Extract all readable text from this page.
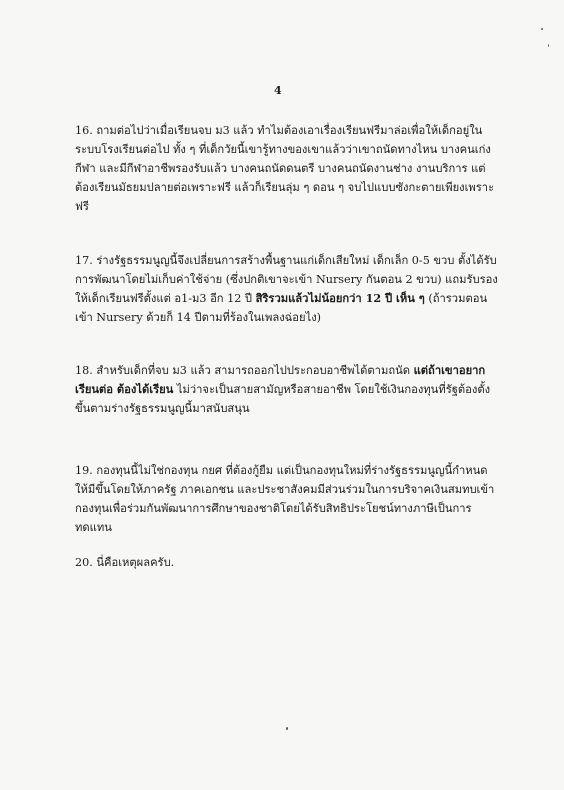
4

16. ถามต่อไปว่าเมื่อเรียนจบ ม3 แล้ว ทำไมต้องเอาเรื่องเรียนฟรีมาล่อเพื่อให้เด็กอยู่ในระบบโรงเรียนต่อไป ทั้ง ๆ ที่เด็กวัยนี้เขารู้ทางของเขาแล้วว่าเขาถนัดทางไหน บางคนเก่งกีฬา และมีกีฬาอาชีพรองรับแล้ว บางคนถนัดดนตรี บางคนถนัดงานช่าง งานบริการ แต่ต้องเรียนมัธยมปลายต่อเพราะฟรี แล้วก็เรียนลุ่ม ๆ ดอน ๆ จบไปแบบซังกะตายเพียงเพราะฟรี

17. ร่างรัฐธรรมนูญนี้จึงเปลี่ยนการสร้างพื้นฐานแก่เด็กเสียใหม่ เด็กเล็ก 0-5 ขวบ ตั้งได้รับการพัฒนาโดยไม่เก็บค่าใช้จ่าย (ซึ่งปกติเขาจะเข้า Nursery กันตอน 2 ขวบ) แถมรับรองให้เด็กเรียนฟรีตั้งแต่ อ1-ม3 อีก 12 ปี สิริรวมแล้วไม่น้อยกว่า 12 ปี เห็น ๆ (ถ้ารวมตอนเข้า Nursery ด้วยก็ 14 ปีตามที่ร้องในเพลงฉ่อยไง)

18. สำหรับเด็กที่จบ ม3 แล้ว สามารถออกไปประกอบอาชีพได้ตามถนัด แต่ถ้าเขาอยากเรียนต่อ ต้องได้เรียน ไม่ว่าจะเป็นสายสามัญหรือสายอาชีพ โดยใช้เงินกองทุนที่รัฐต้องตั้งขึ้นตามร่างรัฐธรรมนูญนี้มาสนับสนุน

19. กองทุนนี้ไม่ใช่กองทุน กยศ ที่ต้องกู้ยืม แต่เป็นกองทุนใหม่ที่ร่างรัฐธรรมนูญนี้กำหนดให้มีขึ้นโดยให้ภาครัฐ ภาคเอกชน และประชาสังคมมีส่วนร่วมในการบริจาคเงินสมทบเข้ากองทุนเพื่อร่วมกันพัฒนาการศึกษาของชาติโดยได้รับสิทธิประโยชน์ทางภาษีเป็นการทดแทน

20. นี่คือเหตุผลครับ.
